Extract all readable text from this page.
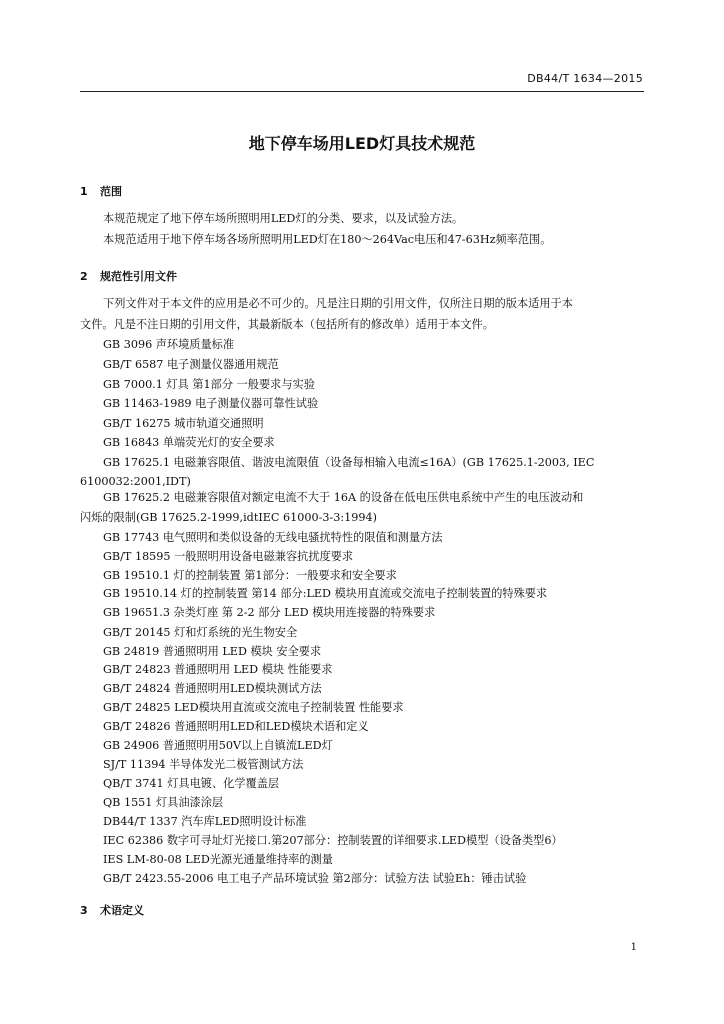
DB44/T 1634—2015
地下停车场用LED灯具技术规范
1 范围
本规范规定了地下停车场所照明用LED灯的分类、要求，以及试验方法。
本规范适用于地下停车场各场所照明用LED灯在180～264Vac电压和47-63Hz频率范围。
2 规范性引用文件
下列文件对于本文件的应用是必不可少的。凡是注日期的引用文件，仅所注日期的版本适用于本
文件。凡是不注日期的引用文件，其最新版本（包括所有的修改单）适用于本文件。
GB 3096 声环境质量标准
GB/T 6587 电子测量仪器通用规范
GB 7000.1 灯具 第1部分 一般要求与实验
GB 11463-1989 电子测量仪器可靠性试验
GB/T 16275 城市轨道交通照明
GB 16843 单端荧光灯的安全要求
GB 17625.1 电磁兼容限值、谐波电流限值（设备每相输入电流≤16A）(GB 17625.1-2003, IEC
6100032:2001,IDT)
GB 17625.2 电磁兼容限值对额定电流不大于 16A 的设备在低电压供电系统中产生的电压波动和
闪烁的限制(GB 17625.2-1999,idtIEC 61000-3-3:1994)
GB 17743 电气照明和类似设备的无线电骚扰特性的限值和测量方法
GB/T 18595 一般照明用设备电磁兼容抗扰度要求
GB 19510.1 灯的控制装置 第1部分：一般要求和安全要求
GB 19510.14 灯的控制装置 第14 部分:LED 模块用直流或交流电子控制装置的特殊要求
GB 19651.3 杂类灯座 第 2-2 部分 LED 模块用连接器的特殊要求
GB/T 20145 灯和灯系统的光生物安全
GB 24819 普通照明用 LED 模块 安全要求
GB/T 24823 普通照明用 LED 模块 性能要求
GB/T 24824 普通照明用LED模块测试方法
GB/T 24825 LED模块用直流或交流电子控制装置 性能要求
GB/T 24826 普通照明用LED和LED模块术语和定义
GB 24906 普通照明用50V以上自镇流LED灯
SJ/T 11394 半导体发光二极管测试方法
QB/T 3741 灯具电镀、化学覆盖层
QB 1551 灯具油漆涂层
DB44/T 1337 汽车库LED照明设计标准
IEC 62386 数字可寻址灯光接口.第207部分：控制装置的详细要求.LED模型（设备类型6）
IES LM-80-08 LED光源光通量维持率的测量
GB/T 2423.55-2006 电工电子产品环境试验 第2部分：试验方法 试验Eh：锤击试验
3 术语定义
1
